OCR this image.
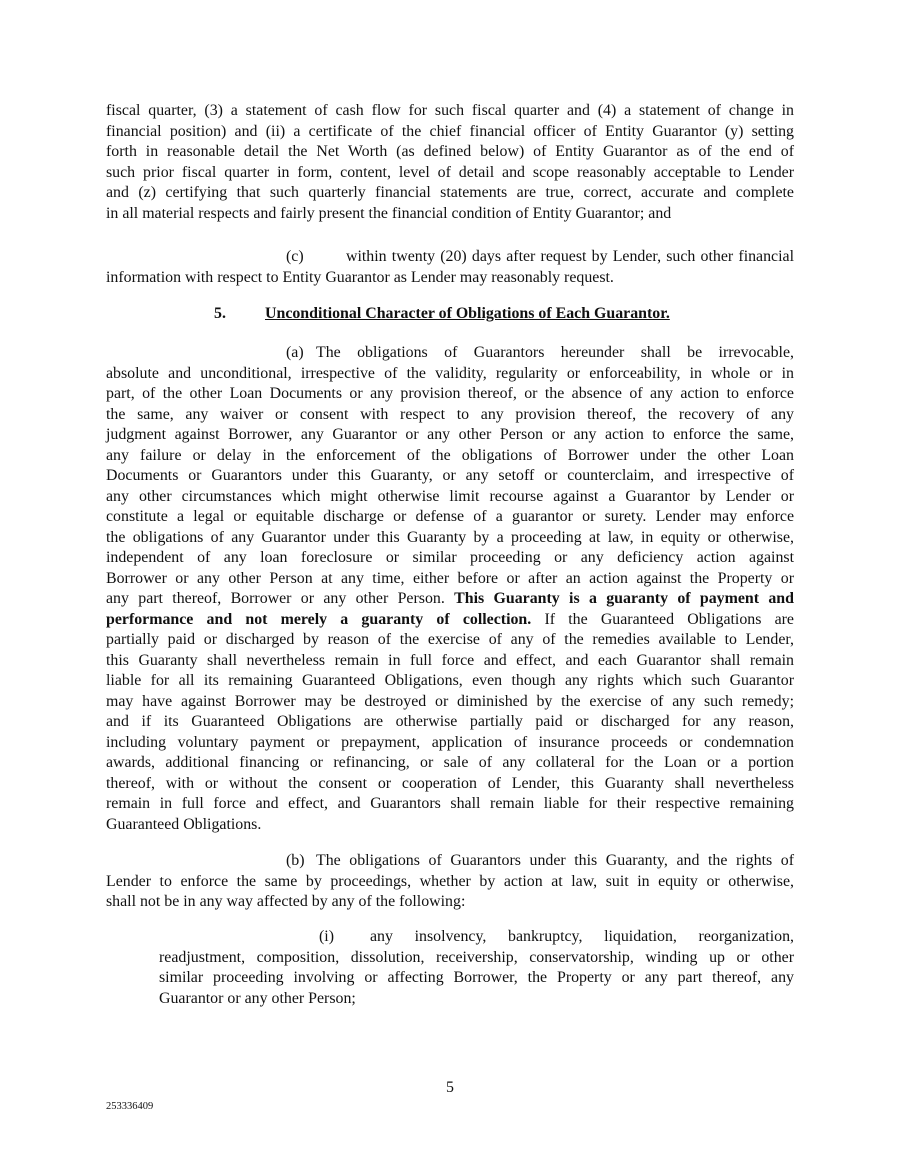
fiscal quarter, (3) a statement of cash flow for such fiscal quarter and (4) a statement of change in
financial position) and (ii) a certificate of the chief financial officer of Entity Guarantor (y) setting
forth in reasonable detail the Net Worth (as defined below) of Entity Guarantor as of the end of
such prior fiscal quarter in form, content, level of detail and scope reasonably acceptable to Lender
and (z) certifying that such quarterly financial statements are true, correct, accurate and complete
in all material respects and fairly present the financial condition of Entity Guarantor; and
(c)	within twenty (20) days after request by Lender, such other financial
information with respect to Entity Guarantor as Lender may reasonably request.
5. Unconditional Character of Obligations of Each Guarantor.
(a) The obligations of Guarantors hereunder shall be irrevocable,
absolute and unconditional, irrespective of the validity, regularity or enforceability, in whole or in
part, of the other Loan Documents or any provision thereof, or the absence of any action to enforce
the same, any waiver or consent with respect to any provision thereof, the recovery of any
judgment against Borrower, any Guarantor or any other Person or any action to enforce the same,
any failure or delay in the enforcement of the obligations of Borrower under the other Loan
Documents or Guarantors under this Guaranty, or any setoff or counterclaim, and irrespective of
any other circumstances which might otherwise limit recourse against a Guarantor by Lender or
constitute a legal or equitable discharge or defense of a guarantor or surety. Lender may enforce
the obligations of any Guarantor under this Guaranty by a proceeding at law, in equity or otherwise,
independent of any loan foreclosure or similar proceeding or any deficiency action against
Borrower or any other Person at any time, either before or after an action against the Property or
any part thereof, Borrower or any other Person. This Guaranty is a guaranty of payment and
performance and not merely a guaranty of collection. If the Guaranteed Obligations are
partially paid or discharged by reason of the exercise of any of the remedies available to Lender,
this Guaranty shall nevertheless remain in full force and effect, and each Guarantor shall remain
liable for all its remaining Guaranteed Obligations, even though any rights which such Guarantor
may have against Borrower may be destroyed or diminished by the exercise of any such remedy;
and if its Guaranteed Obligations are otherwise partially paid or discharged for any reason,
including voluntary payment or prepayment, application of insurance proceeds or condemnation
awards, additional financing or refinancing, or sale of any collateral for the Loan or a portion
thereof, with or without the consent or cooperation of Lender, this Guaranty shall nevertheless
remain in full force and effect, and Guarantors shall remain liable for their respective remaining
Guaranteed Obligations.
(b) The obligations of Guarantors under this Guaranty, and the rights of
Lender to enforce the same by proceedings, whether by action at law, suit in equity or otherwise,
shall not be in any way affected by any of the following:
(i) any insolvency, bankruptcy, liquidation, reorganization,
readjustment, composition, dissolution, receivership, conservatorship, winding up or other
similar proceeding involving or affecting Borrower, the Property or any part thereof, any
Guarantor or any other Person;
5
253336409
